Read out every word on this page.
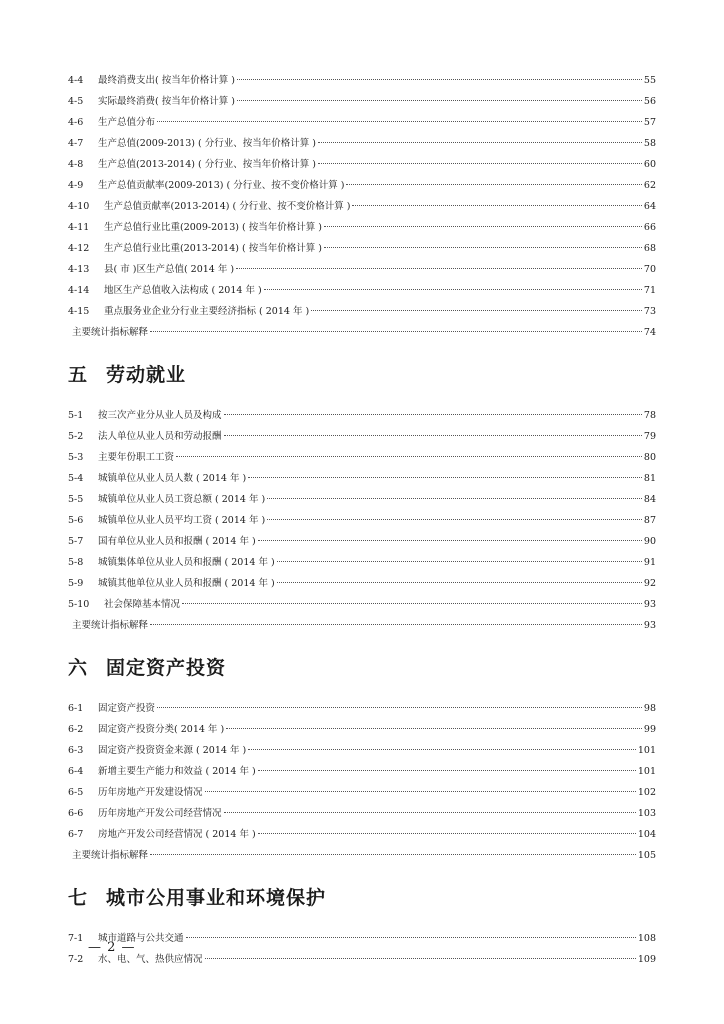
4-4	最终消费支出( 按当年价格计算 )	55
4-5	实际最终消费( 按当年价格计算 )	56
4-6	生产总值分布	57
4-7	生产总值(2009-2013) ( 分行业、按当年价格计算 )	58
4-8	生产总值(2013-2014) ( 分行业、按当年价格计算 )	60
4-9	生产总值贡献率(2009-2013) ( 分行业、按不变价格计算 )	62
4-10	生产总值贡献率(2013-2014) ( 分行业、按不变价格计算 )	64
4-11	生产总值行业比重(2009-2013) ( 按当年价格计算 )	66
4-12	生产总值行业比重(2013-2014) ( 按当年价格计算 )	68
4-13	县( 市 )区生产总值( 2014 年 )	70
4-14	地区生产总值收入法构成 ( 2014 年 )	71
4-15	重点服务业企业分行业主要经济指标 ( 2014 年 )	73
主要统计指标解释	74
五 劳动就业
5-1	按三次产业分从业人员及构成	78
5-2	法人单位从业人员和劳动报酬	79
5-3	主要年份职工工资	80
5-4	城镇单位从业人员人数 ( 2014 年 )	81
5-5	城镇单位从业人员工资总额 ( 2014 年 )	84
5-6	城镇单位从业人员平均工资 ( 2014 年 )	87
5-7	国有单位从业人员和报酬 ( 2014 年 )	90
5-8	城镇集体单位从业人员和报酬 ( 2014 年 )	91
5-9	城镇其他单位从业人员和报酬 ( 2014 年 )	92
5-10	社会保障基本情况	93
主要统计指标解释	93
六 固定资产投资
6-1	固定资产投资	98
6-2	固定资产投资分类( 2014 年 )	99
6-3	固定资产投资资金来源 ( 2014 年 )	101
6-4	新增主要生产能力和效益 ( 2014 年 )	101
6-5	历年房地产开发建设情况	102
6-6	历年房地产开发公司经营情况	103
6-7	房地产开发公司经营情况 ( 2014 年 )	104
主要统计指标解释	105
七 城市公用事业和环境保护
7-1	城市道路与公共交通	108
7-2	水、电、气、热供应情况	109
— 2 —
